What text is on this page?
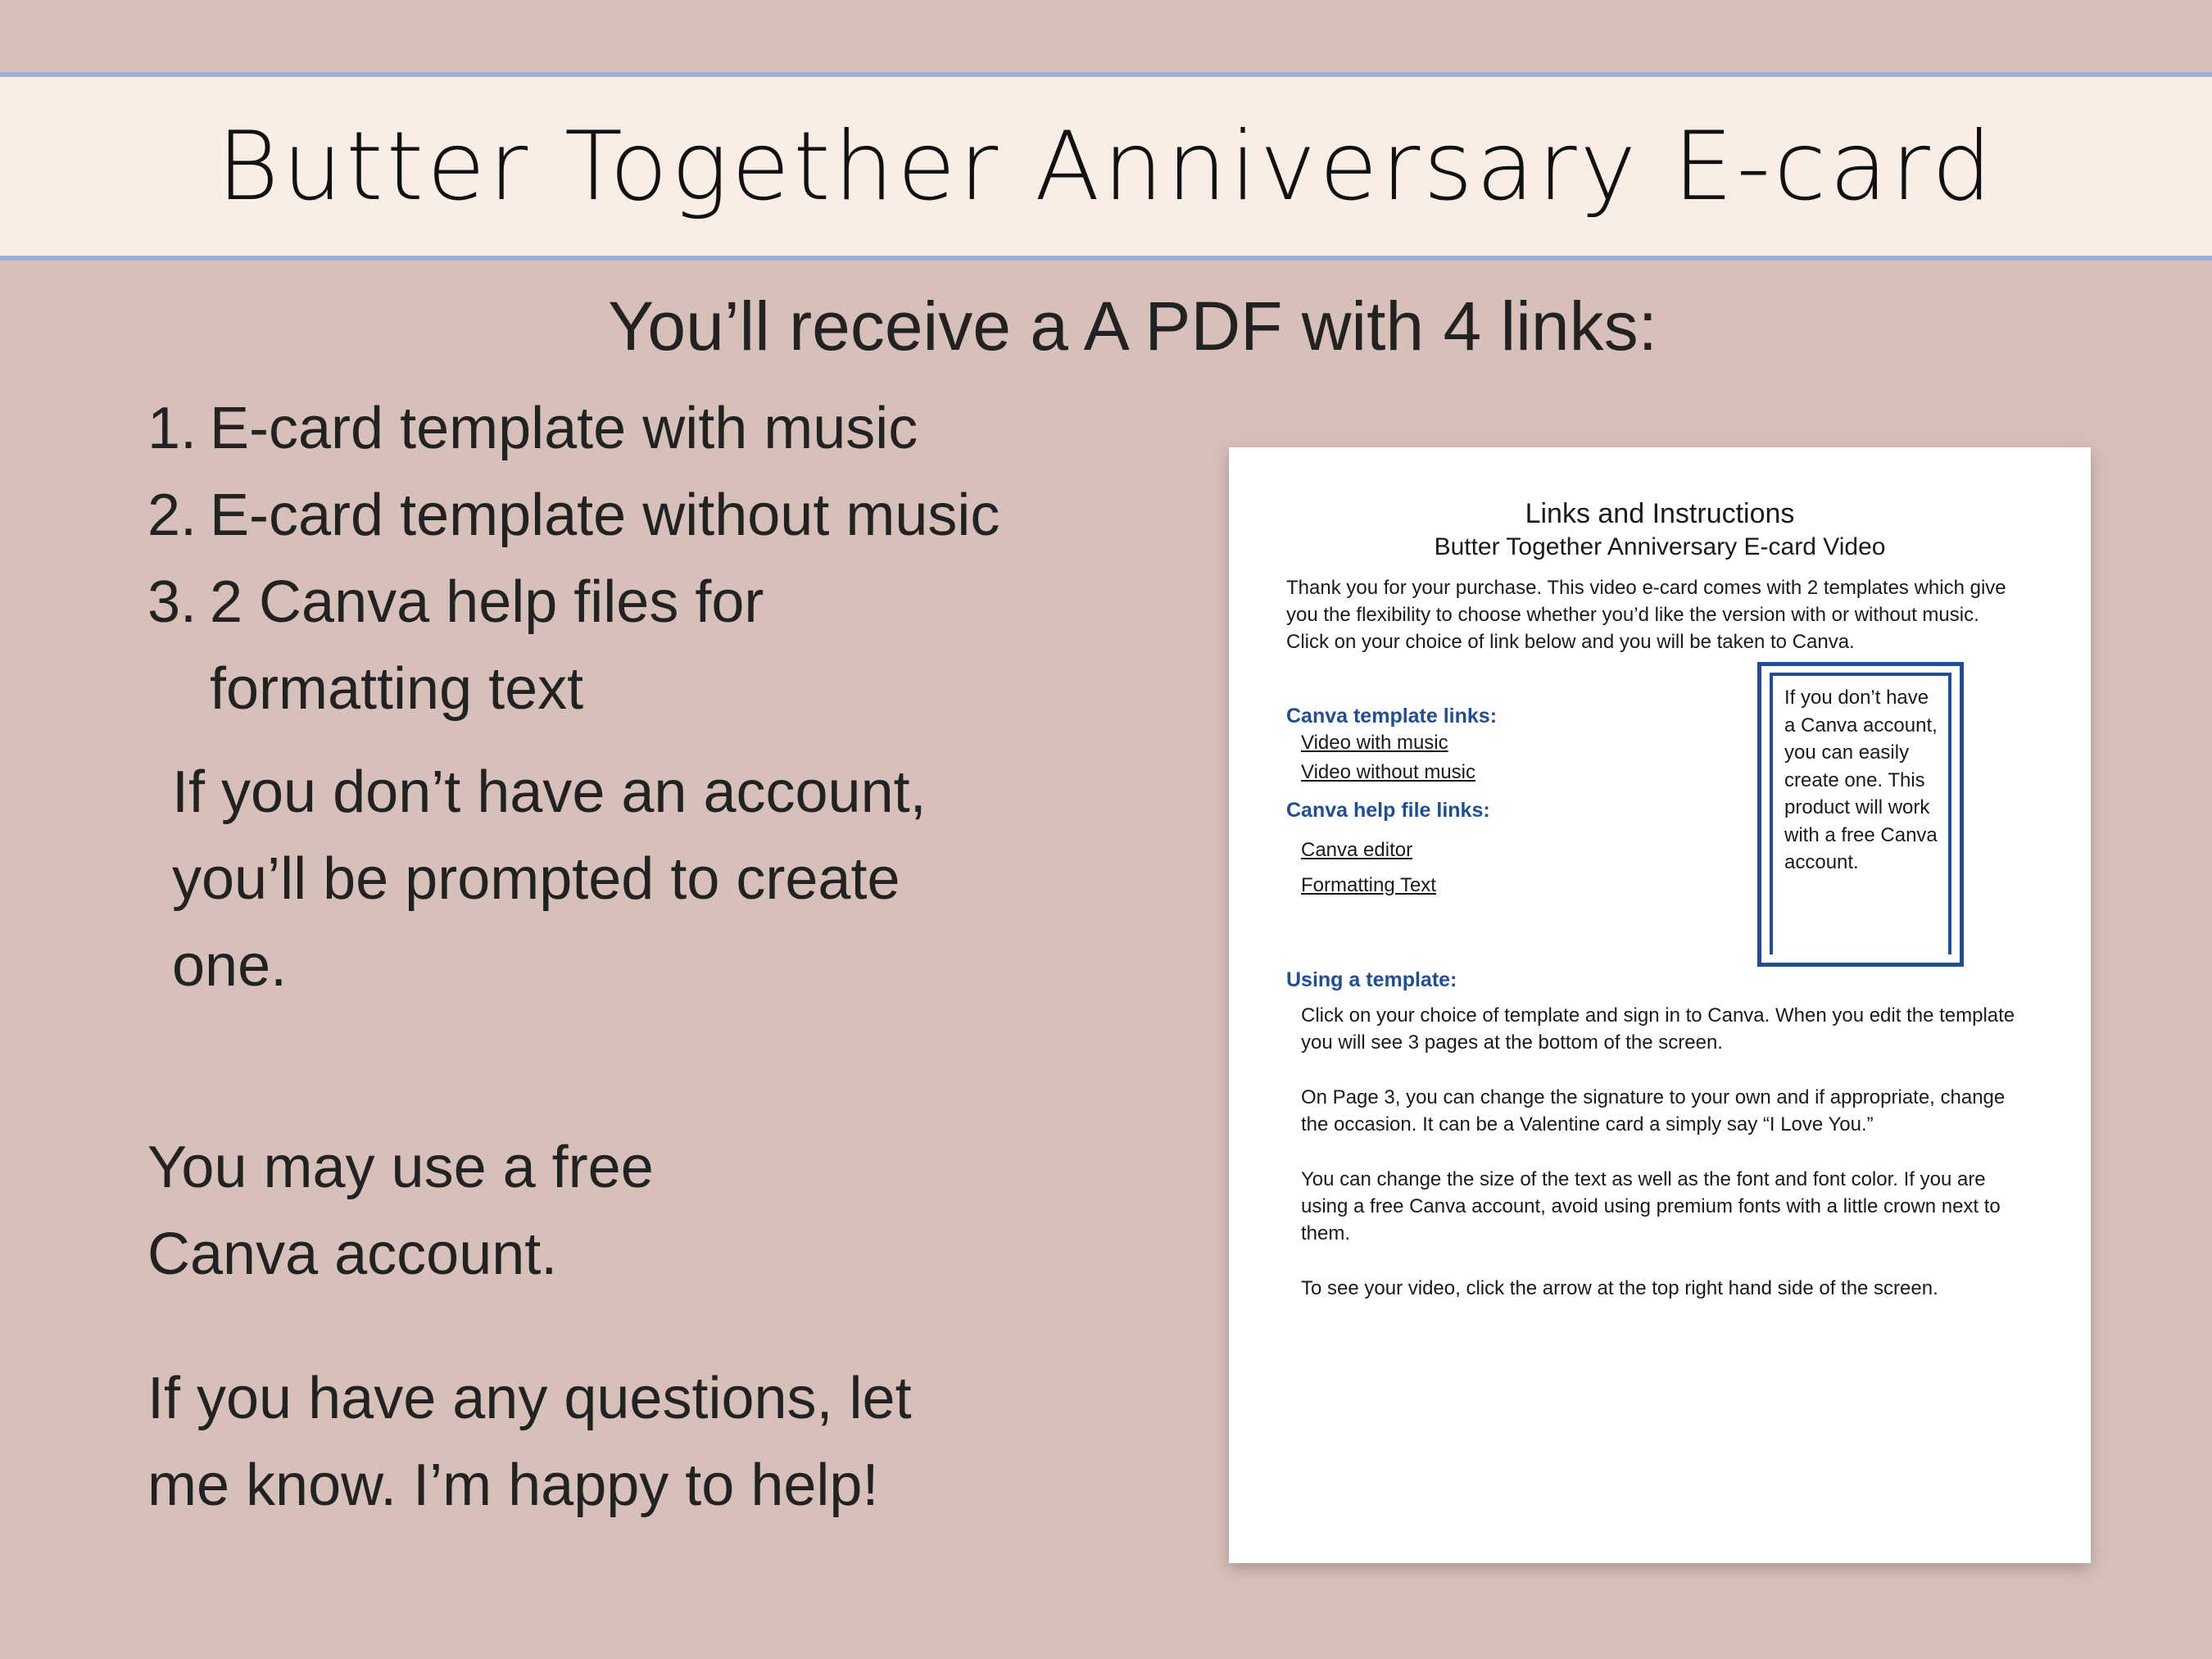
Butter Together Anniversary E-card
You’ll receive a A PDF with 4 links:
1. E-card template with music
2. E-card template without music
3. 2 Canva help files for formatting text

If you don’t have an account, you’ll be prompted to create one.

You may use a free Canva account.

If you have any questions, let me know. I’m happy to help!

Links and Instructions
Butter Together Anniversary E-card Video
Thank you for your purchase. This video e-card comes with 2 templates which give you the flexibility to choose whether you’d like the version with or without music. Click on your choice of link below and you will be taken to Canva.

Canva template links:

Video with music
Video without music

Canva help file links:

Canva editor
Formatting Text
If you don’t have a Canva account, you can easily create one. This product will work with a free Canva account.

Using a template:

Click on your choice of template and sign in to Canva. When you edit the template you will see 3 pages at the bottom of the screen.

On Page 3, you can change the signature to your own and if appropriate, change the occasion. It can be a Valentine card a simply say “I Love You.”

You can change the size of the text as well as the font and font color. If you are using a free Canva account, avoid using premium fonts with a little crown next to them.

To see your video, click the arrow at the top right hand side of the screen.
